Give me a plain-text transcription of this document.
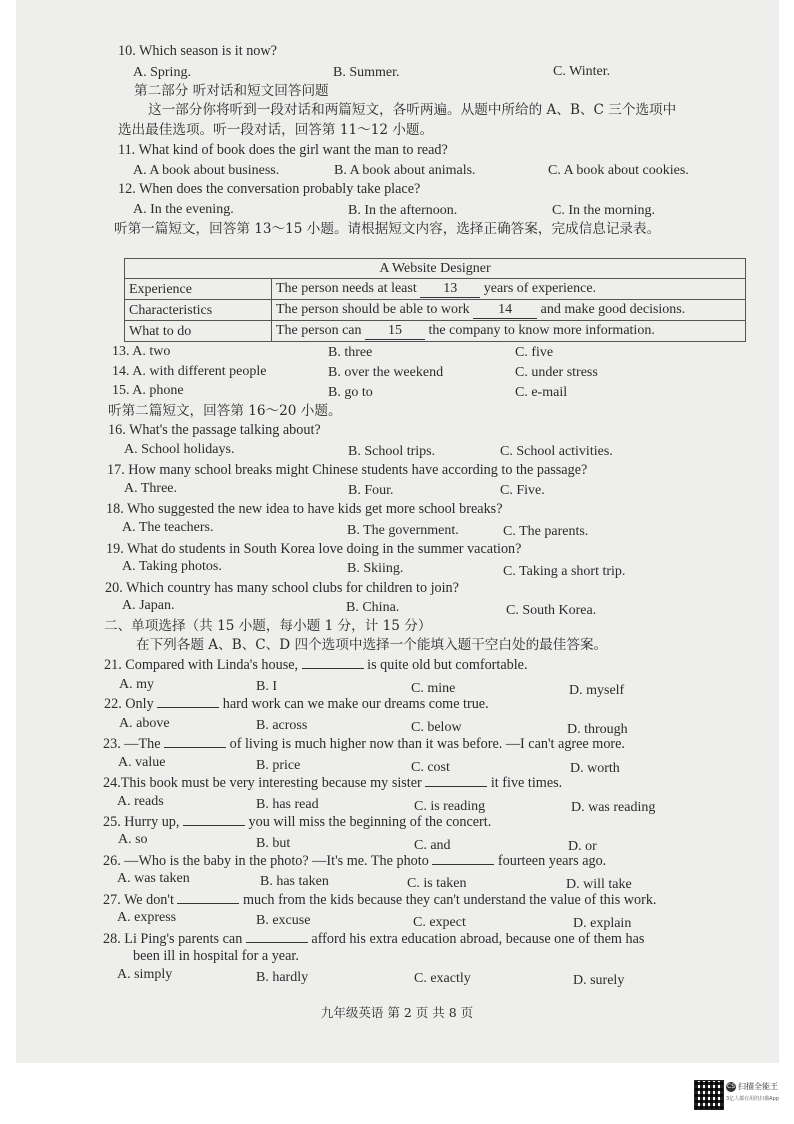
10. Which season is it now?
A. Spring.	B. Summer.	C. Winter.
第二部分 听对话和短文回答问题
这一部分你将听到一段对话和两篇短文，各听两遍。从题中所给的 A、B、C 三个选项中
选出最佳选项。听一段对话，回答第 11～12 小题。
11. What kind of book does the girl want the man to read?
A. A book about business.	B. A book about animals.	C. A book about cookies.
12. When does the conversation probably take place?
A. In the evening.	B. In the afternoon.	C. In the morning.
听第一篇短文，回答第 13～15 小题。请根据短文内容，选择正确答案，完成信息记录表。
A Website Designer	
Experience	The person needs at least 13 years of experience.
Characteristics	The person should be able to work 14 and make good decisions.
What to do	The person can 15 the company to know more information.
13. A. two	B. three	C. five
14. A. with different people	B. over the weekend	C. under stress
15. A. phone	B. go to	C. e-mail
听第二篇短文，回答第 16～20 小题。
16. What's the passage talking about?
A. School holidays.	B. School trips.	C. School activities.
17. How many school breaks might Chinese students have according to the passage?
A. Three.	B. Four.	C. Five.
18. Who suggested the new idea to have kids get more school breaks?
A. The teachers.	B. The government.	C. The parents.
19. What do students in South Korea love doing in the summer vacation?
A. Taking photos.	B. Skiing.	C. Taking a short trip.
20. Which country has many school clubs for children to join?
A. Japan.	B. China.	C. South Korea.
二、单项选择（共 15 小题，每小题 1 分，计 15 分）
在下列各题 A、B、C、D 四个选项中选择一个能填入题干空白处的最佳答案。
21. Compared with Linda's house,	is quite old but comfortable.
A. my	B. I	C. mine	D. myself
22. Only	hard work can we make our dreams come true.
A. above	B. across	C. below	D. through
23. —The	of living is much higher now than it was before. —I can't agree more.
A. value	B. price	C. cost	D. worth
24.This book must be very interesting because my sister	it five times.
A. reads	B. has read	C. is reading	D. was reading
25. Hurry up,	you will miss the beginning of the concert.
A. so	B. but	C. and	D. or
26. —Who is the baby in the photo? —It's me. The photo	fourteen years ago.
A. was taken	B. has taken	C. is taken	D. will take
27. We don't	much from the kids because they can't understand the value of this work.
A. express	B. excuse	C. expect	D. explain
28. Li Ping's parents can	afford his extra education abroad, because one of them has
been ill in hospital for a year.
A. simply	B. hardly	C. exactly	D. surely
九年级英语 第 2 页 共 8 页
CS 扫描全能王
3亿人都在用的扫描App
